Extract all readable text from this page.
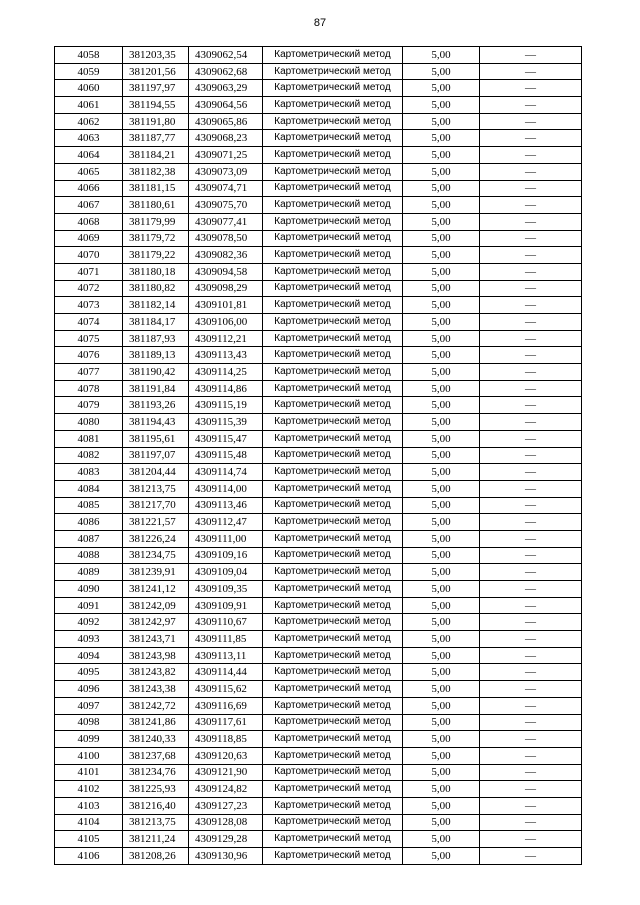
87
4058	381203,35	4309062,54	Картометрический метод	5,00	—
4059	381201,56	4309062,68	Картометрический метод	5,00	—
4060	381197,97	4309063,29	Картометрический метод	5,00	—
4061	381194,55	4309064,56	Картометрический метод	5,00	—
4062	381191,80	4309065,86	Картометрический метод	5,00	—
4063	381187,77	4309068,23	Картометрический метод	5,00	—
4064	381184,21	4309071,25	Картометрический метод	5,00	—
4065	381182,38	4309073,09	Картометрический метод	5,00	—
4066	381181,15	4309074,71	Картометрический метод	5,00	—
4067	381180,61	4309075,70	Картометрический метод	5,00	—
4068	381179,99	4309077,41	Картометрический метод	5,00	—
4069	381179,72	4309078,50	Картометрический метод	5,00	—
4070	381179,22	4309082,36	Картометрический метод	5,00	—
4071	381180,18	4309094,58	Картометрический метод	5,00	—
4072	381180,82	4309098,29	Картометрический метод	5,00	—
4073	381182,14	4309101,81	Картометрический метод	5,00	—
4074	381184,17	4309106,00	Картометрический метод	5,00	—
4075	381187,93	4309112,21	Картометрический метод	5,00	—
4076	381189,13	4309113,43	Картометрический метод	5,00	—
4077	381190,42	4309114,25	Картометрический метод	5,00	—
4078	381191,84	4309114,86	Картометрический метод	5,00	—
4079	381193,26	4309115,19	Картометрический метод	5,00	—
4080	381194,43	4309115,39	Картометрический метод	5,00	—
4081	381195,61	4309115,47	Картометрический метод	5,00	—
4082	381197,07	4309115,48	Картометрический метод	5,00	—
4083	381204,44	4309114,74	Картометрический метод	5,00	—
4084	381213,75	4309114,00	Картометрический метод	5,00	—
4085	381217,70	4309113,46	Картометрический метод	5,00	—
4086	381221,57	4309112,47	Картометрический метод	5,00	—
4087	381226,24	4309111,00	Картометрический метод	5,00	—
4088	381234,75	4309109,16	Картометрический метод	5,00	—
4089	381239,91	4309109,04	Картометрический метод	5,00	—
4090	381241,12	4309109,35	Картометрический метод	5,00	—
4091	381242,09	4309109,91	Картометрический метод	5,00	—
4092	381242,97	4309110,67	Картометрический метод	5,00	—
4093	381243,71	4309111,85	Картометрический метод	5,00	—
4094	381243,98	4309113,11	Картометрический метод	5,00	—
4095	381243,82	4309114,44	Картометрический метод	5,00	—
4096	381243,38	4309115,62	Картометрический метод	5,00	—
4097	381242,72	4309116,69	Картометрический метод	5,00	—
4098	381241,86	4309117,61	Картометрический метод	5,00	—
4099	381240,33	4309118,85	Картометрический метод	5,00	—
4100	381237,68	4309120,63	Картометрический метод	5,00	—
4101	381234,76	4309121,90	Картометрический метод	5,00	—
4102	381225,93	4309124,82	Картометрический метод	5,00	—
4103	381216,40	4309127,23	Картометрический метод	5,00	—
4104	381213,75	4309128,08	Картометрический метод	5,00	—
4105	381211,24	4309129,28	Картометрический метод	5,00	—
4106	381208,26	4309130,96	Картометрический метод	5,00	—
